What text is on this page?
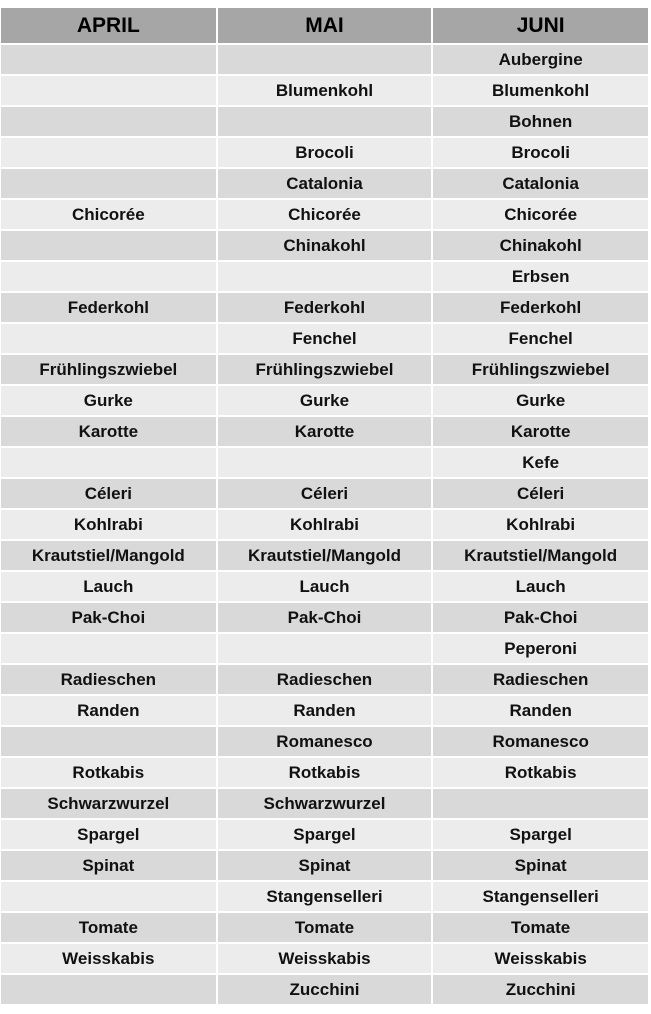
APRIL	MAI	JUNI
		Aubergine
	Blumenkohl	Blumenkohl
		Bohnen
	Brocoli	Brocoli
	Catalonia	Catalonia
Chicorée	Chicorée	Chicorée
	Chinakohl	Chinakohl
		Erbsen
Federkohl	Federkohl	Federkohl
	Fenchel	Fenchel
Frühlingszwiebel	Frühlingszwiebel	Frühlingszwiebel
Gurke	Gurke	Gurke
Karotte	Karotte	Karotte
		Kefe
Céleri	Céleri	Céleri
Kohlrabi	Kohlrabi	Kohlrabi
Krautstiel/Mangold	Krautstiel/Mangold	Krautstiel/Mangold
Lauch	Lauch	Lauch
Pak-Choi	Pak-Choi	Pak-Choi
		Peperoni
Radieschen	Radieschen	Radieschen
Randen	Randen	Randen
	Romanesco	Romanesco
Rotkabis	Rotkabis	Rotkabis
Schwarzwurzel	Schwarzwurzel	
Spargel	Spargel	Spargel
Spinat	Spinat	Spinat
	Stangenselleri	Stangenselleri
Tomate	Tomate	Tomate
Weisskabis	Weisskabis	Weisskabis
	Zucchini	Zucchini
